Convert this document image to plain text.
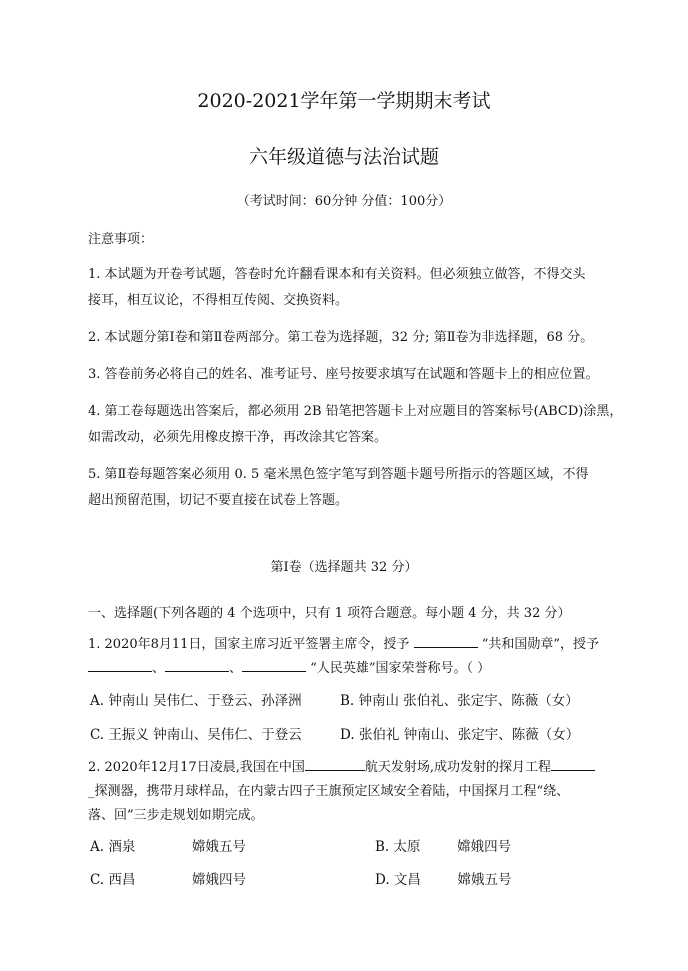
2020-2021学年第一学期期末考试
六年级道德与法治试题
（考试时间：60分钟 分值：100分）
注意事项：
1. 本试题为开卷考试题，答卷时允许翻看课本和有关资料。但必须独立做答，不得交头
接耳，相互议论，不得相互传阅、交换资料。
2. 本试题分第Ⅰ卷和第Ⅱ卷两部分。第工卷为选择题，32 分; 第Ⅱ卷为非选择题，68 分。
3. 答卷前务必将自己的姓名、准考证号、座号按要求填写在试题和答题卡上的相应位置。
4. 第工卷每题选出答案后，都必须用 2B 铅笔把答题卡上对应题目的答案标号(ABCD)涂黑，
如需改动，必须先用橡皮擦干净，再改涂其它答案。
5. 第Ⅱ卷每题答案必须用 0. 5 毫米黑色签字笔写到答题卡题号所指示的答题区域，不得
超出预留范围，切记不要直接在试卷上答题。
第Ⅰ卷（选择题共 32 分）
一、选择题(下列各题的 4 个选项中，只有 1 项符合题意。每小题 4 分，共 32 分）
1. 2020年8月11日，国家主席习近平签署主席令，授予	“共和国勋章”，授予
、	、	“人民英雄”国家荣誉称号。（ ）
A. 钟南山 吴伟仁、于登云、孙泽洲	B. 钟南山 张伯礼、张定宇、陈薇（女）
C. 王振义 钟南山、吴伟仁、于登云	D. 张伯礼 钟南山、张定宇、陈薇（女）
2. 2020年12月17日凌晨,我国在中国	航天发射场,成功发射的探月工程
_探测器，携带月球样品，在内蒙古四子王旗预定区域安全着陆，中国探月工程“绕、
落、回”三步走规划如期完成。
A. 酒泉	嫦娥五号	B. 太原	嫦娥四号
C. 西昌	嫦娥四号	D. 文昌	嫦娥五号
